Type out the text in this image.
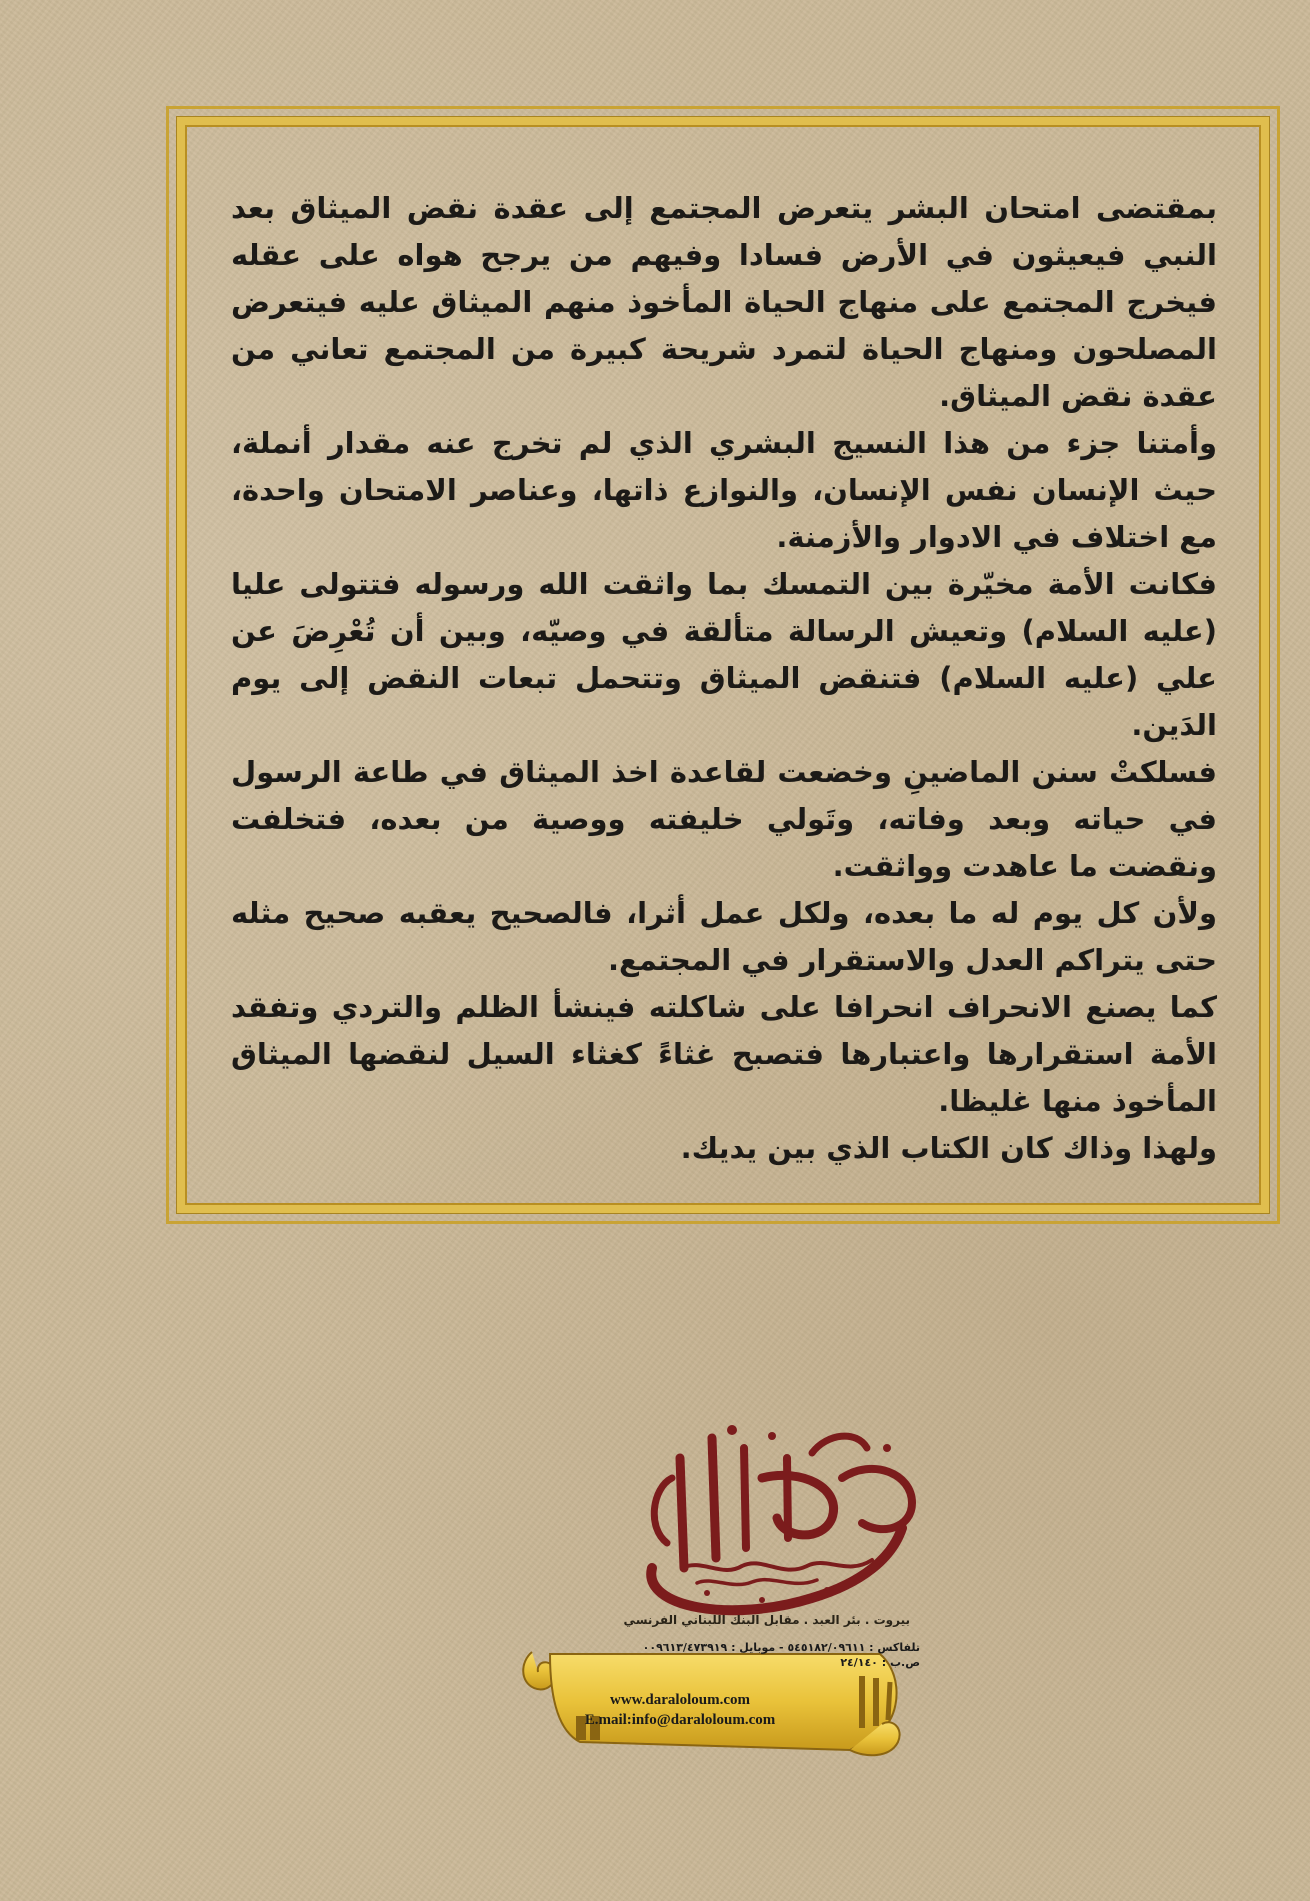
بمقتضى امتحان البشر يتعرض المجتمع إلى عقدة نقض الميثاق بعد النبي فيعيثون في الأرض فسادا وفيهم من يرجح هواه على عقله فيخرج المجتمع على منهاج الحياة المأخوذ منهم الميثاق عليه فيتعرض المصلحون ومنهاج الحياة لتمرد شريحة كبيرة من المجتمع تعاني من عقدة نقض الميثاق.

وأمتنا جزء من هذا النسيج البشري الذي لم تخرج عنه مقدار أنملة، حيث الإنسان نفس الإنسان، والنوازع ذاتها، وعناصر الامتحان واحدة، مع اختلاف في الادوار والأزمنة.

فكانت الأمة مخيّرة بين التمسك بما واثقت الله ورسوله فتتولى عليا (عليه السلام) وتعيش الرسالة متألقة في وصيّه، وبين أن تُعْرِضَ عن علي (عليه السلام) فتنقض الميثاق وتتحمل تبعات النقض إلى يوم الدَين.

فسلكتْ سنن الماضينِ وخضعت لقاعدة اخذ الميثاق في طاعة الرسول في حياته وبعد وفاته، وتَولي خليفته ووصية من بعده، فتخلفت ونقضت ما عاهدت وواثقت.

ولأن كل يوم له ما بعده، ولكل عمل أثرا، فالصحيح يعقبه صحيح مثله حتى يتراكم العدل والاستقرار في المجتمع.

كما يصنع الانحراف انحرافا على شاكلته فينشأ الظلم والتردي وتفقد الأمة استقرارها واعتبارها فتصبح غثاءً كغثاء السيل لنقضها الميثاق المأخوذ منها غليظا.

ولهذا وذاك كان الكتاب الذي بين يديك.

بيروت . بئر العبد . مقابل البنك اللبناني الفرنسي
تلفاكس : ٥٤٥١٨٢/٠٩٦١١ - موبايل : ٠٠٩٦١٣/٤٧٣٩١٩
ص.ب : ٢٤/١٤٠
www.daraloloum.com
E.mail:info@daraloloum.com
